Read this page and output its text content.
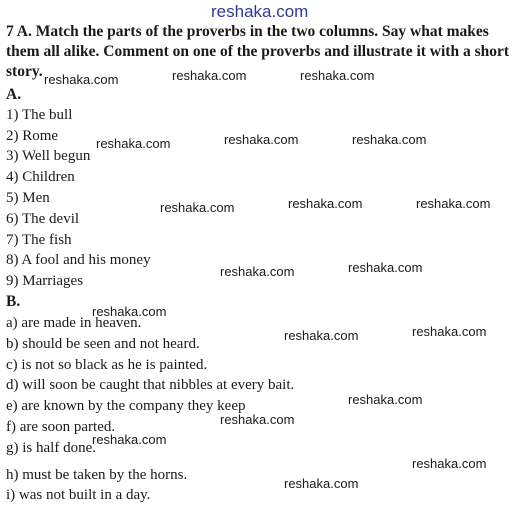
reshaka.com
7 A. Match the parts of the proverbs in the two columns. Say what makes them all alike. Comment on one of the proverbs and illustrate it with a short story.
A.
1) The bull
2) Rome
3) Well begun
4) Children
5) Men
6) The devil
7) The fish
8) A fool and his money
9) Marriages
B.
a) are made in heaven.
b) should be seen and not heard.
c) is not so black as he is painted.
d) will soon be caught that nibbles at every bait.
e) are known by the company they keep
f) are soon parted.
g) is half done.
h) must be taken by the horns.
i) was not built in a day.
reshaka.com	reshaka.com	reshaka.com
reshaka.com	reshaka.com	reshaka.com
reshaka.com	reshaka.com	reshaka.com
reshaka.com	reshaka.com
reshaka.com
reshaka.com	reshaka.com
reshaka.com
reshaka.com
reshaka.com
reshaka.com
reshaka.com
